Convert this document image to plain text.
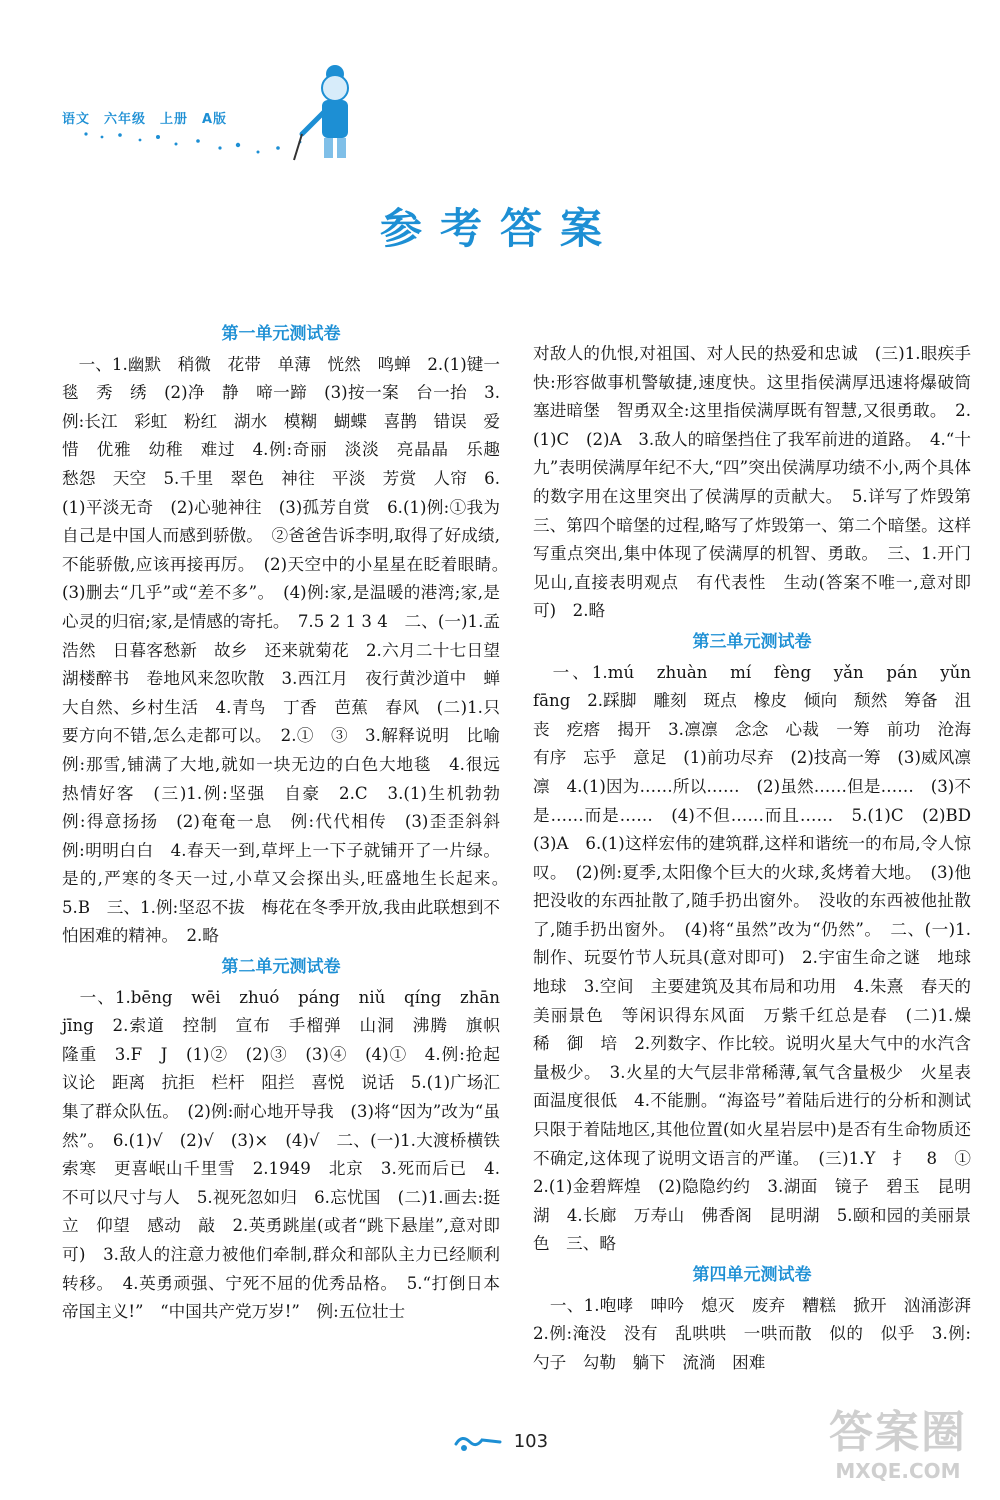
语文　六年级　上册　A版
参考答案
第一单元测试卷

　一、1.幽默　稍微　花带　单薄　恍然　鸣蝉　2.(1)键一毯　秀　绣　(2)净　静　啼一蹄　(3)按一案　台一抬　3.例:长江　彩虹　粉红　湖水　模糊　蝴蝶　喜鹊　错误　爱惜　优雅　幼稚　难过　4.例:奇丽　淡淡　亮晶晶　乐趣　愁怨　天空　5.千里　翠色　神往　平淡　芳赏　人帘　6.(1)平淡无奇　(2)心驰神往　(3)孤芳自赏　6.(1)例:①我为自己是中国人而感到骄傲。　②爸爸告诉李明,取得了好成绩,不能骄傲,应该再接再厉。　(2)天空中的小星星在眨着眼睛。　(3)删去“几乎”或“差不多”。　(4)例:家,是温暖的港湾;家,是心灵的归宿;家,是情感的寄托。　7.5 2 1 3 4　二、(一)1.孟浩然　日暮客愁新　故乡　还来就菊花　2.六月二十七日望湖楼醉书　卷地风来忽吹散　3.西江月　夜行黄沙道中　蝉　大自然、乡村生活　4.青鸟　丁香　芭蕉　春风　(二)1.只要方向不错,怎么走都可以。　2.①　③　3.解释说明　比喻　例:那雪,铺满了大地,就如一块无边的白色大地毯　4.很远　热情好客　(三)1.例:坚强　自豪　2.C　3.(1)生机勃勃　例:得意扬扬　(2)奄奄一息　例:代代相传　(3)歪歪斜斜　例:明明白白　4.春天一到,草坪上一下子就铺开了一片绿。是的,严寒的冬天一过,小草又会探出头,旺盛地生长起来。　5.B　三、1.例:坚忍不拔　梅花在冬季开放,我由此联想到不怕困难的精神。　2.略

第二单元测试卷

　一、1.bēng　wēi　zhuó　páng　niǔ　qíng　zhān　jīng　2.索道　控制　宣布　手榴弹　山洞　沸腾　旗帜　隆重　3.F　J　(1)②　(2)③　(3)④　(4)①　4.例:抢起　议论　距离　抗拒　栏杆　阻拦　喜悦　说话　5.(1)广场汇集了群众队伍。　(2)例:耐心地开导我　(3)将“因为”改为“虽然”。　6.(1)√　(2)√　(3)×　(4)√　二、(一)1.大渡桥横铁索寒　更喜岷山千里雪　2.1949　北京　3.死而后已　4.不可以尺寸与人　5.视死忽如归　6.忘忧国　(二)1.画去:挺立　仰望　感动　敲　2.英勇跳崖(或者“跳下悬崖”,意对即可)　3.敌人的注意力被他们牵制,群众和部队主力已经顺利转移。　4.英勇顽强、宁死不屈的优秀品格。　5.“打倒日本帝国主义!”　“中国共产党万岁!”　例:五位壮士

对敌人的仇恨,对祖国、对人民的热爱和忠诚　(三)1.眼疾手快:形容做事机警敏捷,速度快。这里指侯满厚迅速将爆破筒塞进暗堡　智勇双全:这里指侯满厚既有智慧,又很勇敢。　2.(1)C　(2)A　3.敌人的暗堡挡住了我军前进的道路。　4.“十九”表明侯满厚年纪不大,“四”突出侯满厚功绩不小,两个具体的数字用在这里突出了侯满厚的贡献大。　5.详写了炸毁第三、第四个暗堡的过程,略写了炸毁第一、第二个暗堡。这样写重点突出,集中体现了侯满厚的机智、勇敢。　三、1.开门见山,直接表明观点　有代表性　生动(答案不唯一,意对即可)　2.略

第三单元测试卷

　一、1.mú　zhuàn　mí　fèng　yǎn　pán　yǔn　fāng　2.踩脚　雕刻　斑点　橡皮　倾向　颓然　筹备　沮丧　疙瘩　揭开　3.凛凛　念念　心裁　一筹　前功　沧海　有序　忘乎　意足　(1)前功尽弃　(2)技高一筹　(3)威风凛凛　4.(1)因为……所以……　(2)虽然……但是……　(3)不是……而是……　(4)不但……而且……　5.(1)C　(2)BD　(3)A　6.(1)这样宏伟的建筑群,这样和谐统一的布局,令人惊叹。　(2)例:夏季,太阳像个巨大的火球,炙烤着大地。　(3)他把没收的东西扯散了,随手扔出窗外。　没收的东西被他扯散了,随手扔出窗外。　(4)将“虽然”改为“仍然”。　二、(一)1.制作、玩耍竹节人玩具(意对即可)　2.宇宙生命之谜　地球　地球　3.空间　主要建筑及其布局和功用　4.朱熹　春天的美丽景色　等闲识得东风面　万紫千红总是春　(二)1.燥　稀　御　培　2.列数字、作比较。说明火星大气中的水汽含量极少。　3.火星的大气层非常稀薄,氧气含量极少　火星表面温度很低　4.不能删。“海盗号”着陆后进行的分析和测试只限于着陆地区,其他位置(如火星岩层中)是否有生命物质还不确定,这体现了说明文语言的严谨。　(三)1.Y　扌　8　①　2.(1)金碧辉煌　(2)隐隐约约　3.湖面　镜子　碧玉　昆明湖　4.长廊　万寿山　佛香阁　昆明湖　5.颐和园的美丽景色　三、略

第四单元测试卷

　一、1.咆哮　呻吟　熄灭　废弃　糟糕　掀开　汹涌澎湃　2.例:淹没　没有　乱哄哄　一哄而散　似的　似乎　3.例:勺子　勾勒　躺下　流淌　困难

103	答案圈
MXQE.COM
